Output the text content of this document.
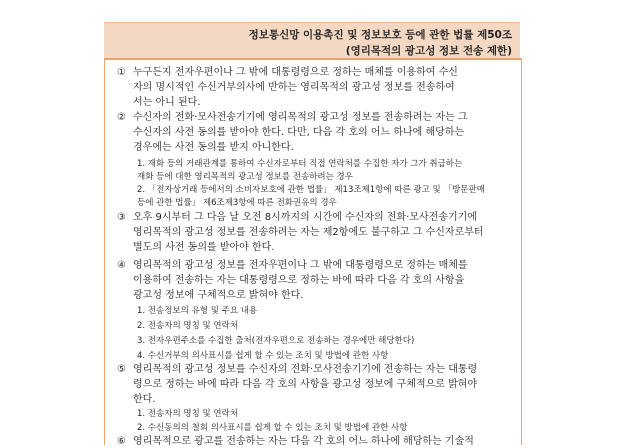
정보통신망 이용촉진 및 정보보호 등에 관한 법률 제50조
(영리목적의 광고성 정보 전송 제한)
① 누구든지 전자우편이나 그 밖에 대통령령으로 정하는 매체를 이용하여 수신
자의 명시적인 수신거부의사에 반하는 영리목적의 광고성 정보를 전송하여
서는 아니 된다.
② 수신자의 전화·모사전송기기에 영리목적의 광고성 정보를 전송하려는 자는 그
수신자의 사전 동의를 받아야 한다. 다만, 다음 각 호의 어느 하나에 해당하는
경우에는 사전 동의를 받지 아니한다.
1. 재화 등의 거래관계를 통하여 수신자로부터 직접 연락처를 수집한 자가 그가 취급하는
재화 등에 대한 영리목적의 광고성 정보를 전송하려는 경우
2. 「전자상거래 등에서의 소비자보호에 관한 법률」 제13조제1항에 따른 광고 및 「방문판매
등에 관한 법률」 제6조제3항에 따른 전화권유의 경우
③ 오후 9시부터 그 다음 날 오전 8시까지의 시간에 수신자의 전화·모사전송기기에
영리목적의 광고성 정보를 전송하려는 자는 제2항에도 불구하고 그 수신자로부터
별도의 사전 동의를 받아야 한다.
④ 영리목적의 광고성 정보를 전자우편이나 그 밖에 대통령령으로 정하는 매체를
이용하여 전송하는 자는 대통령령으로 정하는 바에 따라 다음 각 호의 사항을
광고성 정보에 구체적으로 밝혀야 한다.
1. 전송정보의 유형 및 주요 내용
2. 전송자의 명칭 및 연락처
3. 전자우편주소를 수집한 출처(전자우편으로 전송하는 경우에만 해당한다)
4. 수신거부의 의사표시를 쉽게 할 수 있는 조치 및 방법에 관한 사항
⑤ 영리목적의 광고성 정보를 수신자의 전화·모사전송기기에 전송하는 자는 대통령
령으로 정하는 바에 따라 다음 각 호의 사항을 광고성 정보에 구체적으로 밝혀야
한다.
1. 전송자의 명칭 및 연락처
2. 수신동의의 철회 의사표시를 쉽게 할 수 있는 조치 및 방법에 관한 사항
⑥ 영리목적으로 광고를 전송하는 자는 다음 각 호의 어느 하나에 해당하는 기술적
